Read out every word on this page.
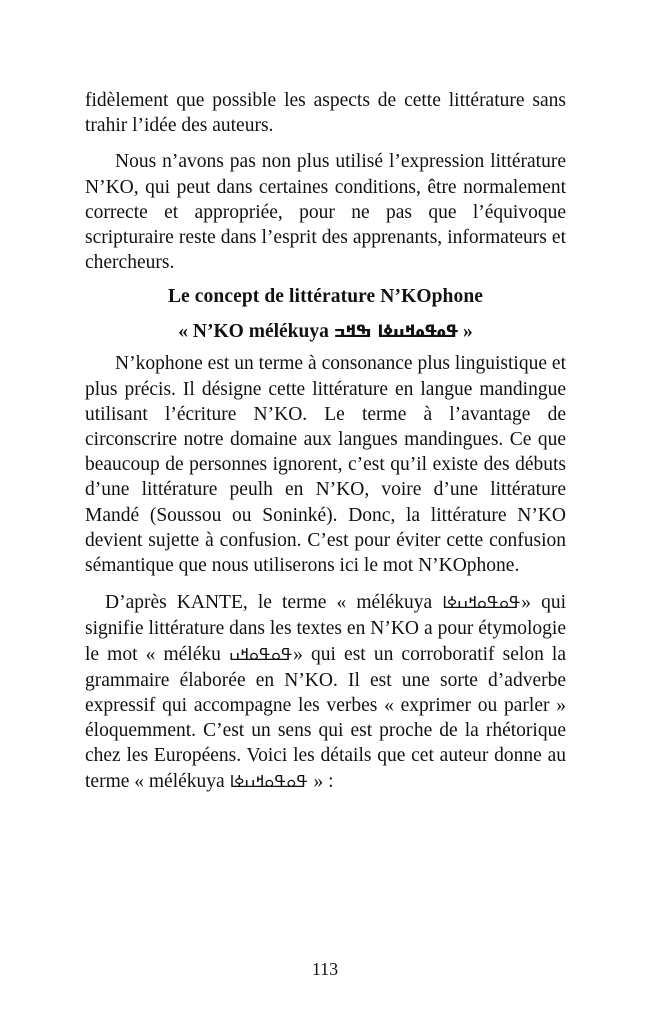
fidèlement que possible les aspects de cette littérature sans trahir l’idée des auteurs.

Nous n’avons pas non plus utilisé l’expression littérature N’KO, qui peut dans certaines conditions, être normalement correcte et appropriée, pour ne pas que l’équivoque scripturaire reste dans l’esprit des apprenants, informateurs et chercheurs.

Le concept de littérature N’KOphone
« N’KO mélékuya ߟߋߟߋߞߎߦߊ ߒߞߏ »

N’kophone est un terme à consonance plus linguistique et plus précis. Il désigne cette littérature en langue mandingue utilisant l’écriture N’KO. Le terme à l’avantage de circonscrire notre domaine aux langues mandingues. Ce que beaucoup de personnes ignorent, c’est qu’il existe des débuts d’une littérature peulh en N’KO, voire d’une littérature Mandé (Soussou ou Soninké). Donc, la littérature N’KO devient sujette à confusion. C’est pour éviter cette confusion sémantique que nous utiliserons ici le mot N’KOphone.

D’après KANTE, le terme « mélékuya ߟߋߟߋߞߎߦߊ» qui signifie littérature dans les textes en N’KO a pour étymologie le mot « méléku ߟߋߟߋߞߎ» qui est un corroboratif selon la grammaire élaborée en N’KO. Il est une sorte d’adverbe expressif qui accompagne les verbes « exprimer ou parler » éloquemment. C’est un sens qui est proche de la rhétorique chez les Européens. Voici les détails que cet auteur donne au terme « mélékuya ߟߋߟߋߞߎߦߊ » :

113
